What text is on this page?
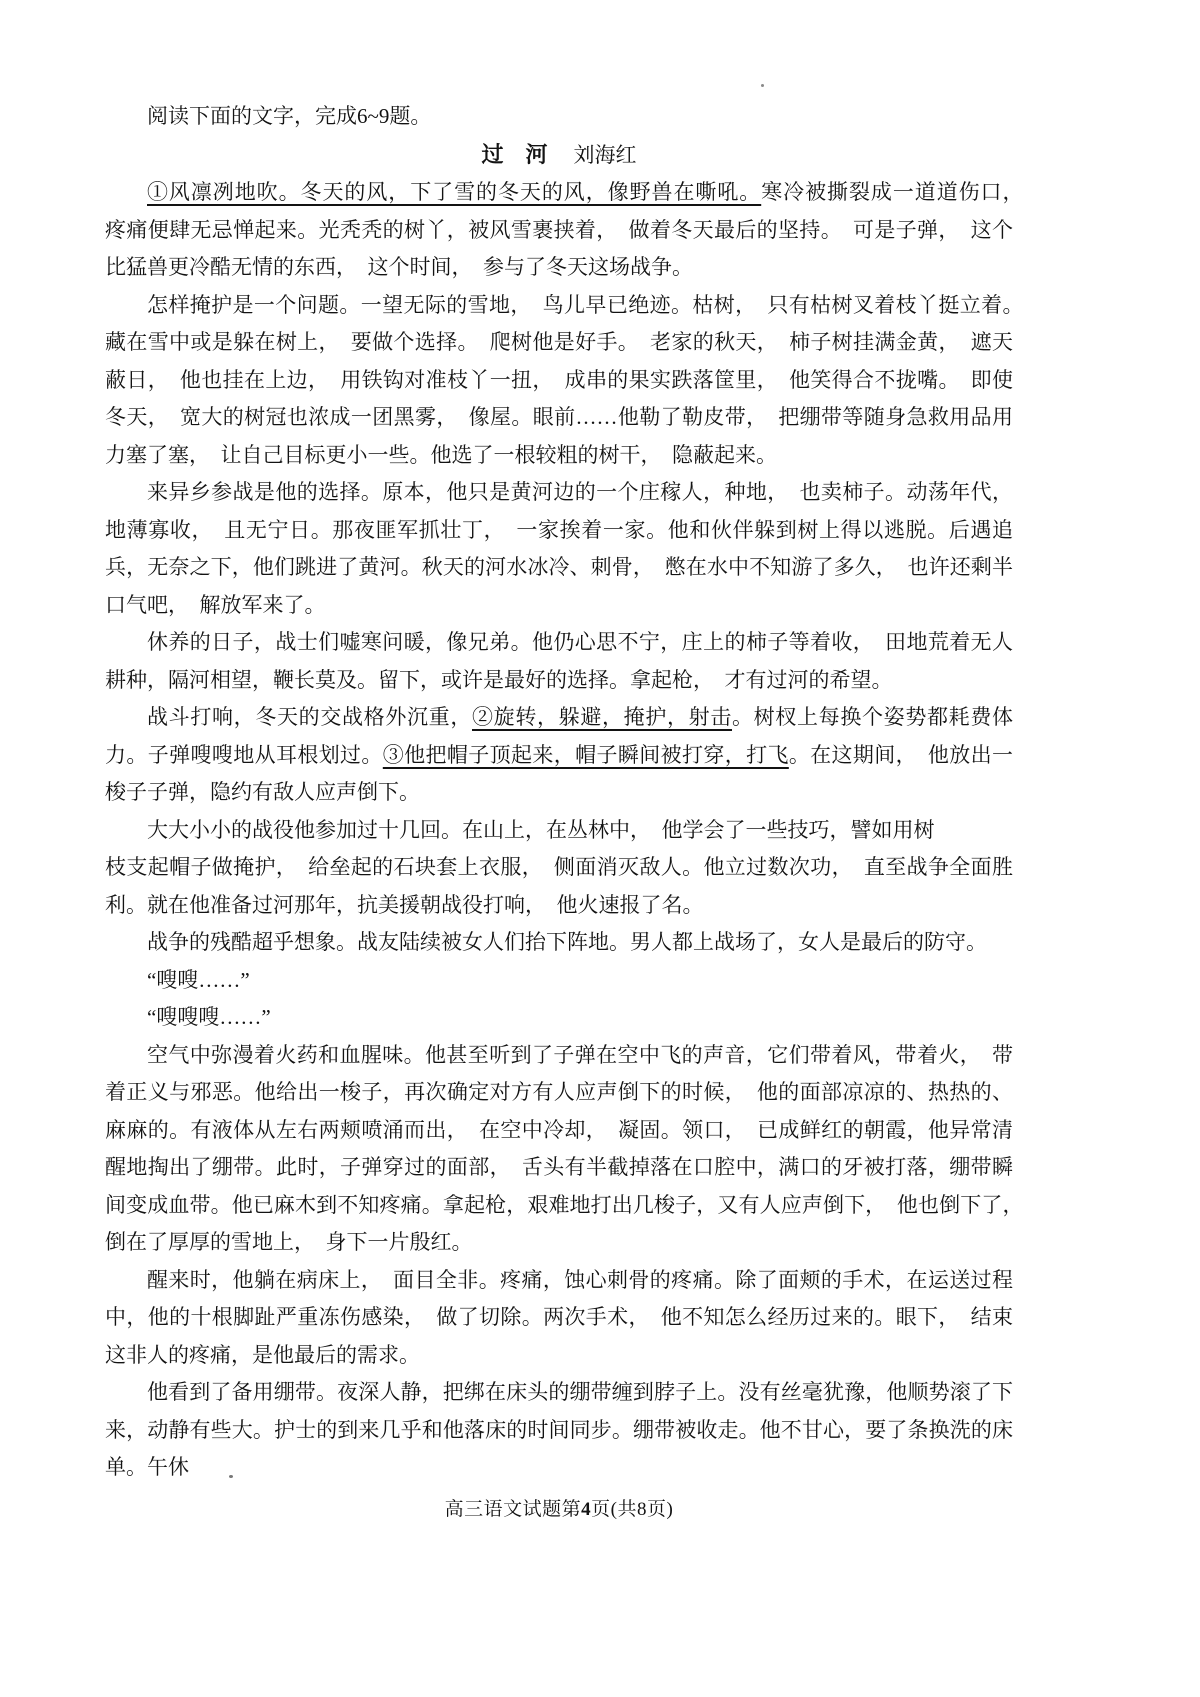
阅读下面的文字，完成6~9题。
过　河 刘海红

①风凛冽地吹。冬天的风，下了雪的冬天的风，像野兽在嘶吼。寒冷被撕裂成一道道伤口，　疼痛便肆无忌惮起来。光秃秃的树丫，被风雪裹挟着，　做着冬天最后的坚持。　可是子弹，　这个比猛兽更冷酷无情的东西，　这个时间，　参与了冬天这场战争。

怎样掩护是一个问题。一望无际的雪地，　鸟儿早已绝迹。枯树，　只有枯树叉着枝丫挺立着。　藏在雪中或是躲在树上，　要做个选择。　爬树他是好手。　老家的秋天，　柿子树挂满金黄，　遮天蔽日，　他也挂在上边，　用铁钩对准枝丫一扭，　成串的果实跌落筐里，　他笑得合不拢嘴。　即使冬天，　宽大的树冠也浓成一团黑雾，　像屋。眼前……他勒了勒皮带，　把绷带等随身急救用品用力塞了塞，　让自己目标更小一些。他选了一根较粗的树干，　隐蔽起来。

来异乡参战是他的选择。原本，他只是黄河边的一个庄稼人，种地，　也卖柿子。动荡年代，地薄寡收，　且无宁日。那夜匪军抓壮丁，　一家挨着一家。他和伙伴躲到树上得以逃脱。后遇追兵，无奈之下，他们跳进了黄河。秋天的河水冰冷、刺骨，　憋在水中不知游了多久，　也许还剩半口气吧，　解放军来了。

休养的日子，战士们嘘寒问暖，像兄弟。他仍心思不宁，庄上的柿子等着收，　田地荒着无人耕种，隔河相望，鞭长莫及。留下，或许是最好的选择。拿起枪，　才有过河的希望。

战斗打响，冬天的交战格外沉重，②旋转，躲避，掩护，射击。树杈上每换个姿势都耗费体力。子弹嗖嗖地从耳根划过。③他把帽子顶起来，帽子瞬间被打穿，打飞。在这期间，　他放出一梭子子弹，隐约有敌人应声倒下。

大大小小的战役他参加过十几回。在山上，在丛林中，　他学会了一些技巧，譬如用树

枝支起帽子做掩护，　给垒起的石块套上衣服，　侧面消灭敌人。他立过数次功，　直至战争全面胜利。就在他准备过河那年，抗美援朝战役打响，　他火速报了名。

战争的残酷超乎想象。战友陆续被女人们抬下阵地。男人都上战场了，女人是最后的防守。

“嗖嗖……”

“嗖嗖嗖……”

空气中弥漫着火药和血腥味。他甚至听到了子弹在空中飞的声音，它们带着风，带着火，　带着正义与邪恶。他给出一梭子，再次确定对方有人应声倒下的时候，　他的面部凉凉的、热热的、麻麻的。有液体从左右两颊喷涌而出，　在空中冷却，　凝固。领口，　已成鲜红的朝霞，他异常清醒地掏出了绷带。此时，子弹穿过的面部，　舌头有半截掉落在口腔中，满口的牙被打落，绷带瞬间变成血带。他已麻木到不知疼痛。拿起枪，艰难地打出几梭子，又有人应声倒下，　他也倒下了，　倒在了厚厚的雪地上，　身下一片殷红。

醒来时，他躺在病床上，　面目全非。疼痛，蚀心刺骨的疼痛。除了面颊的手术，在运送过程中，他的十根脚趾严重冻伤感染，　做了切除。两次手术，　他不知怎么经历过来的。眼下，　结束这非人的疼痛，是他最后的需求。

他看到了备用绷带。夜深人静，把绑在床头的绷带缠到脖子上。没有丝毫犹豫，他顺势滚了下来，动静有些大。护士的到来几乎和他落床的时间同步。绷带被收走。他不甘心，要了条换洗的床单。午休

高三语文试题第4页(共8页)
